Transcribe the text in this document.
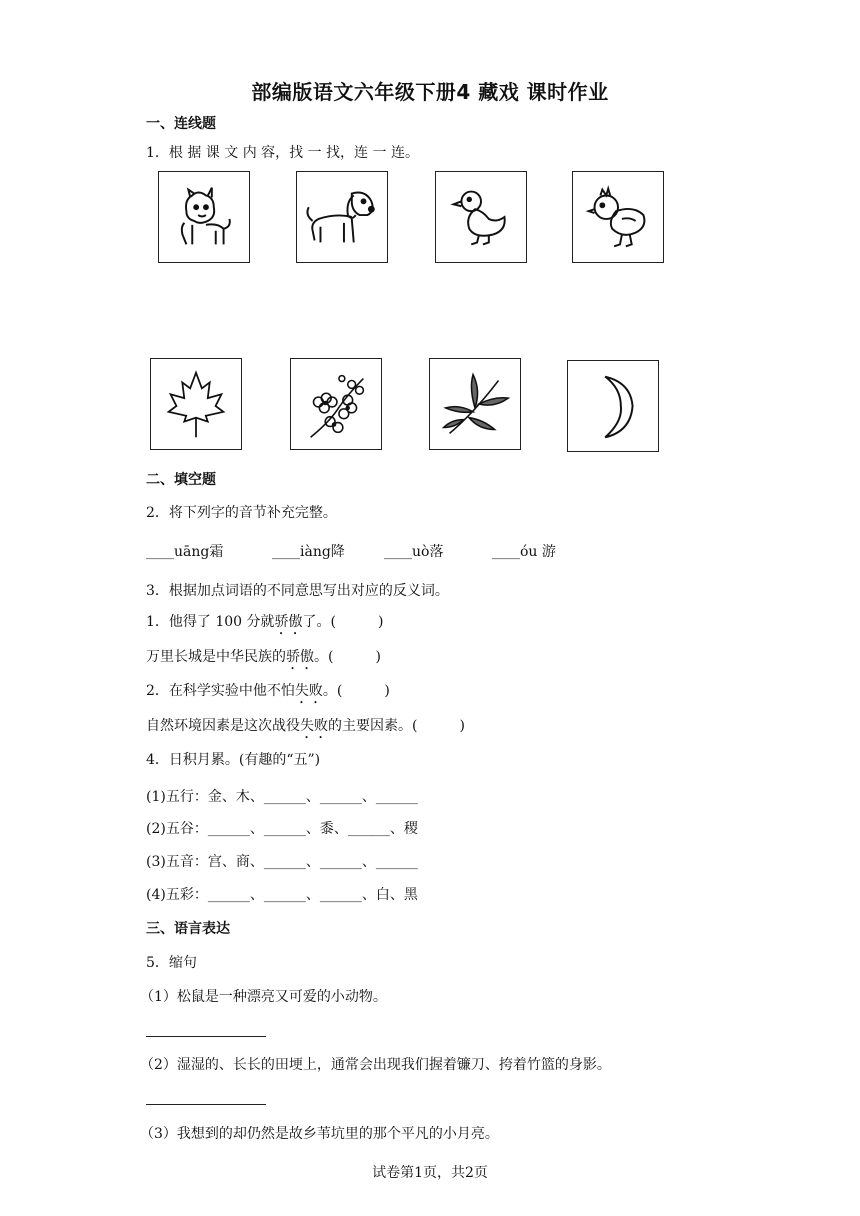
部编版语文六年级下册4 藏戏 课时作业
一、连线题
1．根 据 课 文 内 容，找 一 找，连 一 连。
二、填空题
2．将下列字的音节补充完整。
____uāng霜	____iàng降	____uò落	____óu 游
3．根据加点词语的不同意思写出对应的反义词。
1．他得了 100 分就骄傲了。(　　　)
万里长城是中华民族的骄傲。(　　　)
2．在科学实验中他不怕失败。(　　　)
自然环境因素是这次战役失败的主要因素。(　　　)
4．日积月累。(有趣的“五”)
(1)五行：金、木、______、______、______
(2)五谷：______、______、黍、______、稷
(3)五音：宫、商、______、______、______
(4)五彩：______、______、______、白、黑
三、语言表达
5．缩句
（1）松鼠是一种漂亮又可爱的小动物。
（2）湿湿的、长长的田埂上，通常会出现我们握着镰刀、挎着竹篮的身影。
（3）我想到的却仍然是故乡苇坑里的那个平凡的小月亮。
试卷第1页，共2页
